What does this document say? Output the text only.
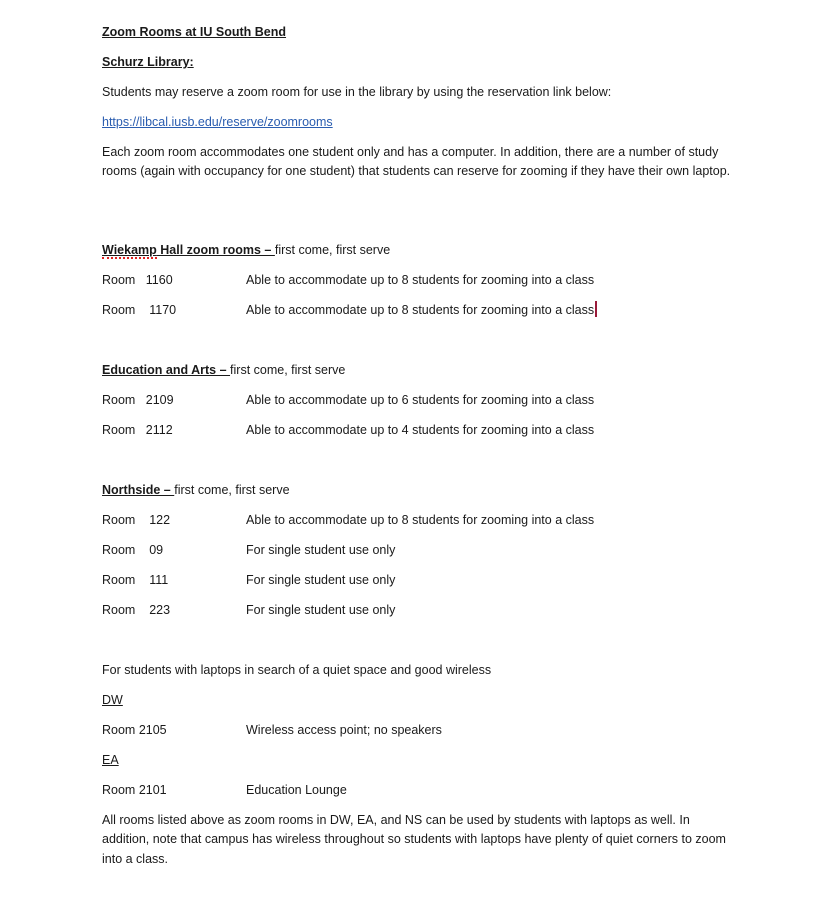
Zoom Rooms at IU South Bend
Schurz Library:
Students may reserve a zoom room for use in the library by using the reservation link below:
https://libcal.iusb.edu/reserve/zoomrooms
Each zoom room accommodates one student only and has a computer. In addition, there are a number of study rooms (again with occupancy for one student) that students can reserve for zooming if they have their own laptop.
Wiekamp Hall zoom rooms – first come, first serve
Room   1160	Able to accommodate up to 8 students for zooming into a class
Room    1170	Able to accommodate up to 8 students for zooming into a class
Education and Arts – first come, first serve
Room   2109	Able to accommodate up to 6 students for zooming into a class
Room   2112	Able to accommodate up to 4 students for zooming into a class
Northside – first come, first serve
Room    122	Able to accommodate up to 8 students for zooming into a class
Room    09	For single student use only
Room    111	For single student use only
Room    223	For single student use only
For students with laptops in search of a quiet space and good wireless
DW
Room 2105	Wireless access point; no speakers
EA
Room 2101	Education Lounge
All rooms listed above as zoom rooms in DW, EA, and NS can be used by students with laptops as well. In addition, note that campus has wireless throughout so students with laptops have plenty of quiet corners to zoom into a class.
